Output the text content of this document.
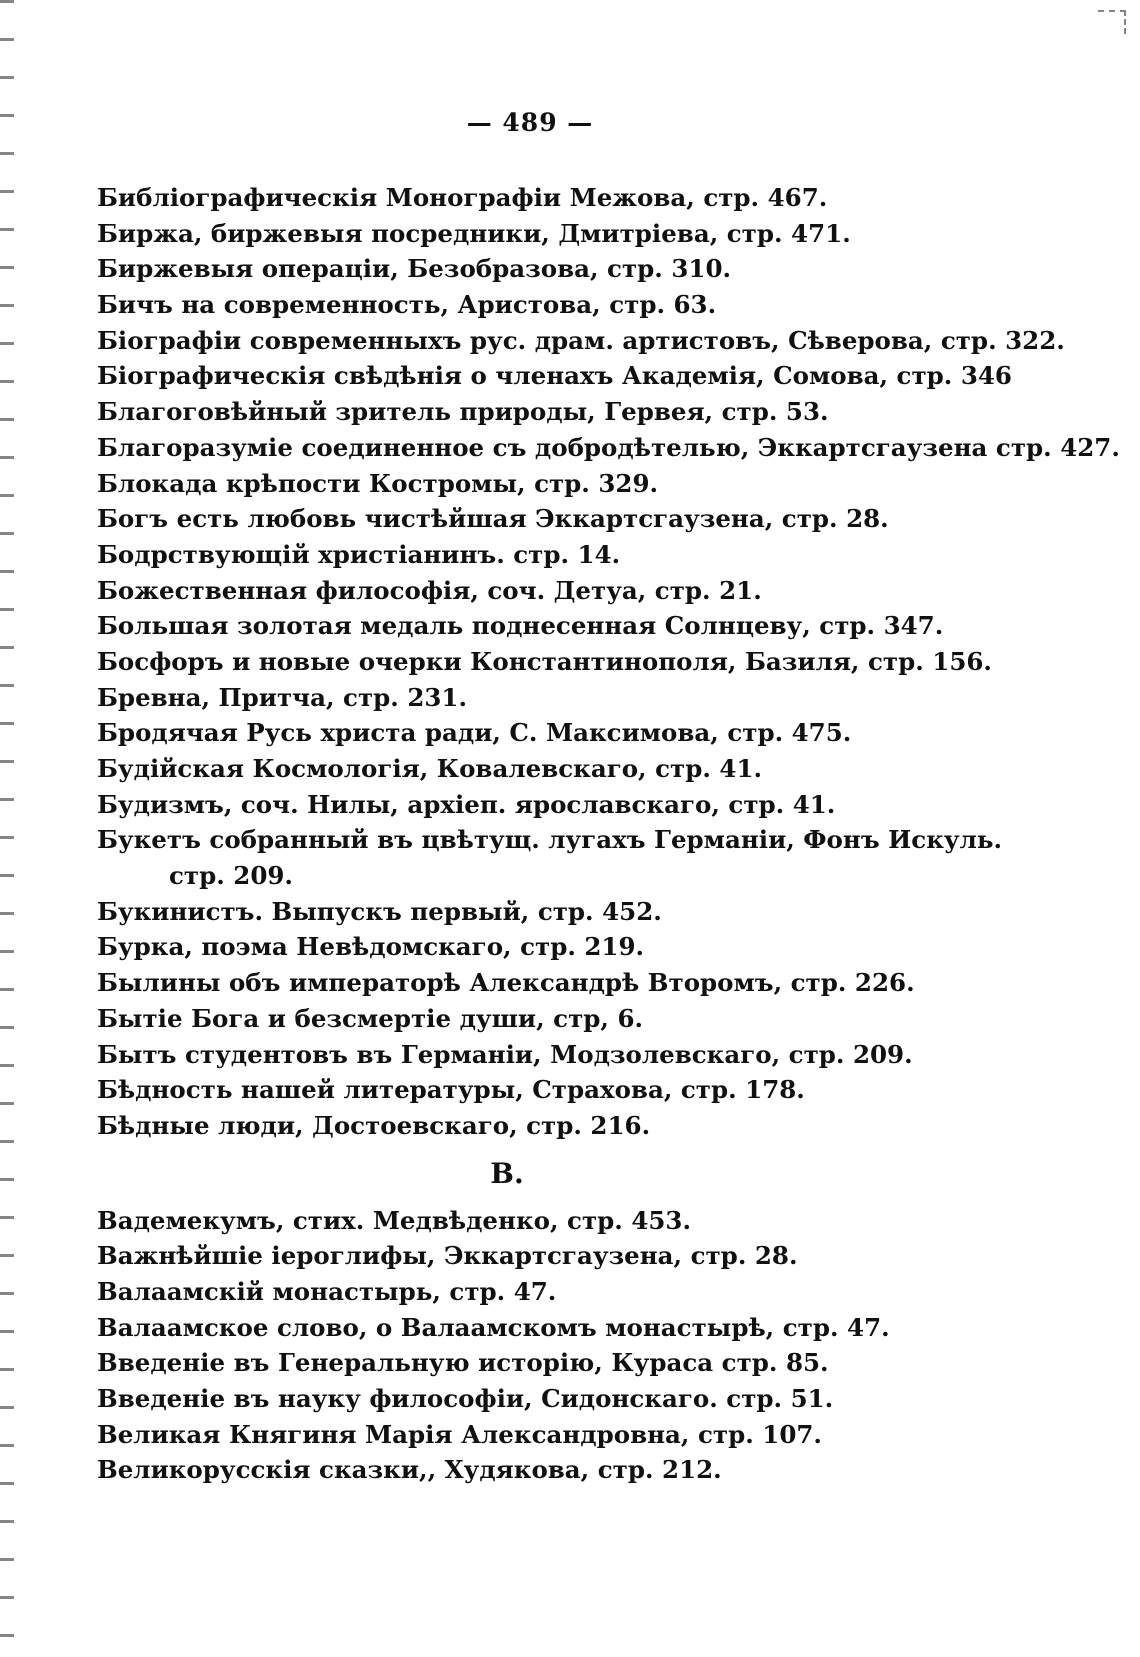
— 489 —
Библiографическiя Монографiи Межова, стр. 467.
Биржа, биржевыя посредники, Дмитрiева, стр. 471.
Биржевыя операцiи, Безобразова, стр. 310.
Бичъ на современность, Аристова, стр. 63.
Бiографiи современныхъ рус. драм. артистовъ, Сѣверова, стр. 322.
Бiографическiя свѣдѣнiя о членахъ Академiя, Сомова, стр. 346
Благоговѣйный зритель природы, Гервея, стр. 53.
Благоразумiе соединенное съ добродѣтелью, Эккартсгаузена стр. 427.
Блокада крѣпости Костромы, стр. 329.
Богъ есть любовь чистѣйшая Эккартсгаузена, стр. 28.
Бодрствующiй христiанинъ. стр. 14.
Божественная философiя, соч. Детуа, стр. 21.
Большая золотая медаль поднесенная Солнцеву, стр. 347.
Босфоръ и новые очерки Константинополя, Базиля, стр. 156.
Бревна, Притча, стр. 231.
Бродячая Русь христа ради, С. Максимова, стр. 475.
Будiйская Космологiя, Ковалевскаго, стр. 41.
Будизмъ, соч. Нилы, архiеп. ярославскаго, стр. 41.
Букетъ собранный въ цвѣтущ. лугахъ Германiи, Фонъ Искуль.
стр. 209.
Букинистъ. Выпускъ первый, стр. 452.
Бурка, поэма Невѣдомскаго, стр. 219.
Былины объ императорѣ Александрѣ Второмъ, стр. 226.
Бытiе Бога и безсмертiе души, стр, 6.
Бытъ студентовъ въ Германiи, Модзолевскаго, стр. 209.
Бѣдность нашей литературы, Страхова, стр. 178.
Бѣдные люди, Достоевскаго, стр. 216.
В.
Вадемекумъ, стих. Медвѣденко, стр. 453.
Важнѣйшiе iероглифы, Эккартсгаузена, стр. 28.
Валаамскiй монастырь, стр. 47.
Валаамское слово, о Валаамскомъ монастырѣ, стр. 47.
Введенiе въ Генеральную исторiю, Кураса стр. 85.
Введенiе въ науку философiи, Сидонскаго. стр. 51.
Великая Княгиня Марiя Александровна, стр. 107.
Великорусскiя сказки,, Худякова, стр. 212.
